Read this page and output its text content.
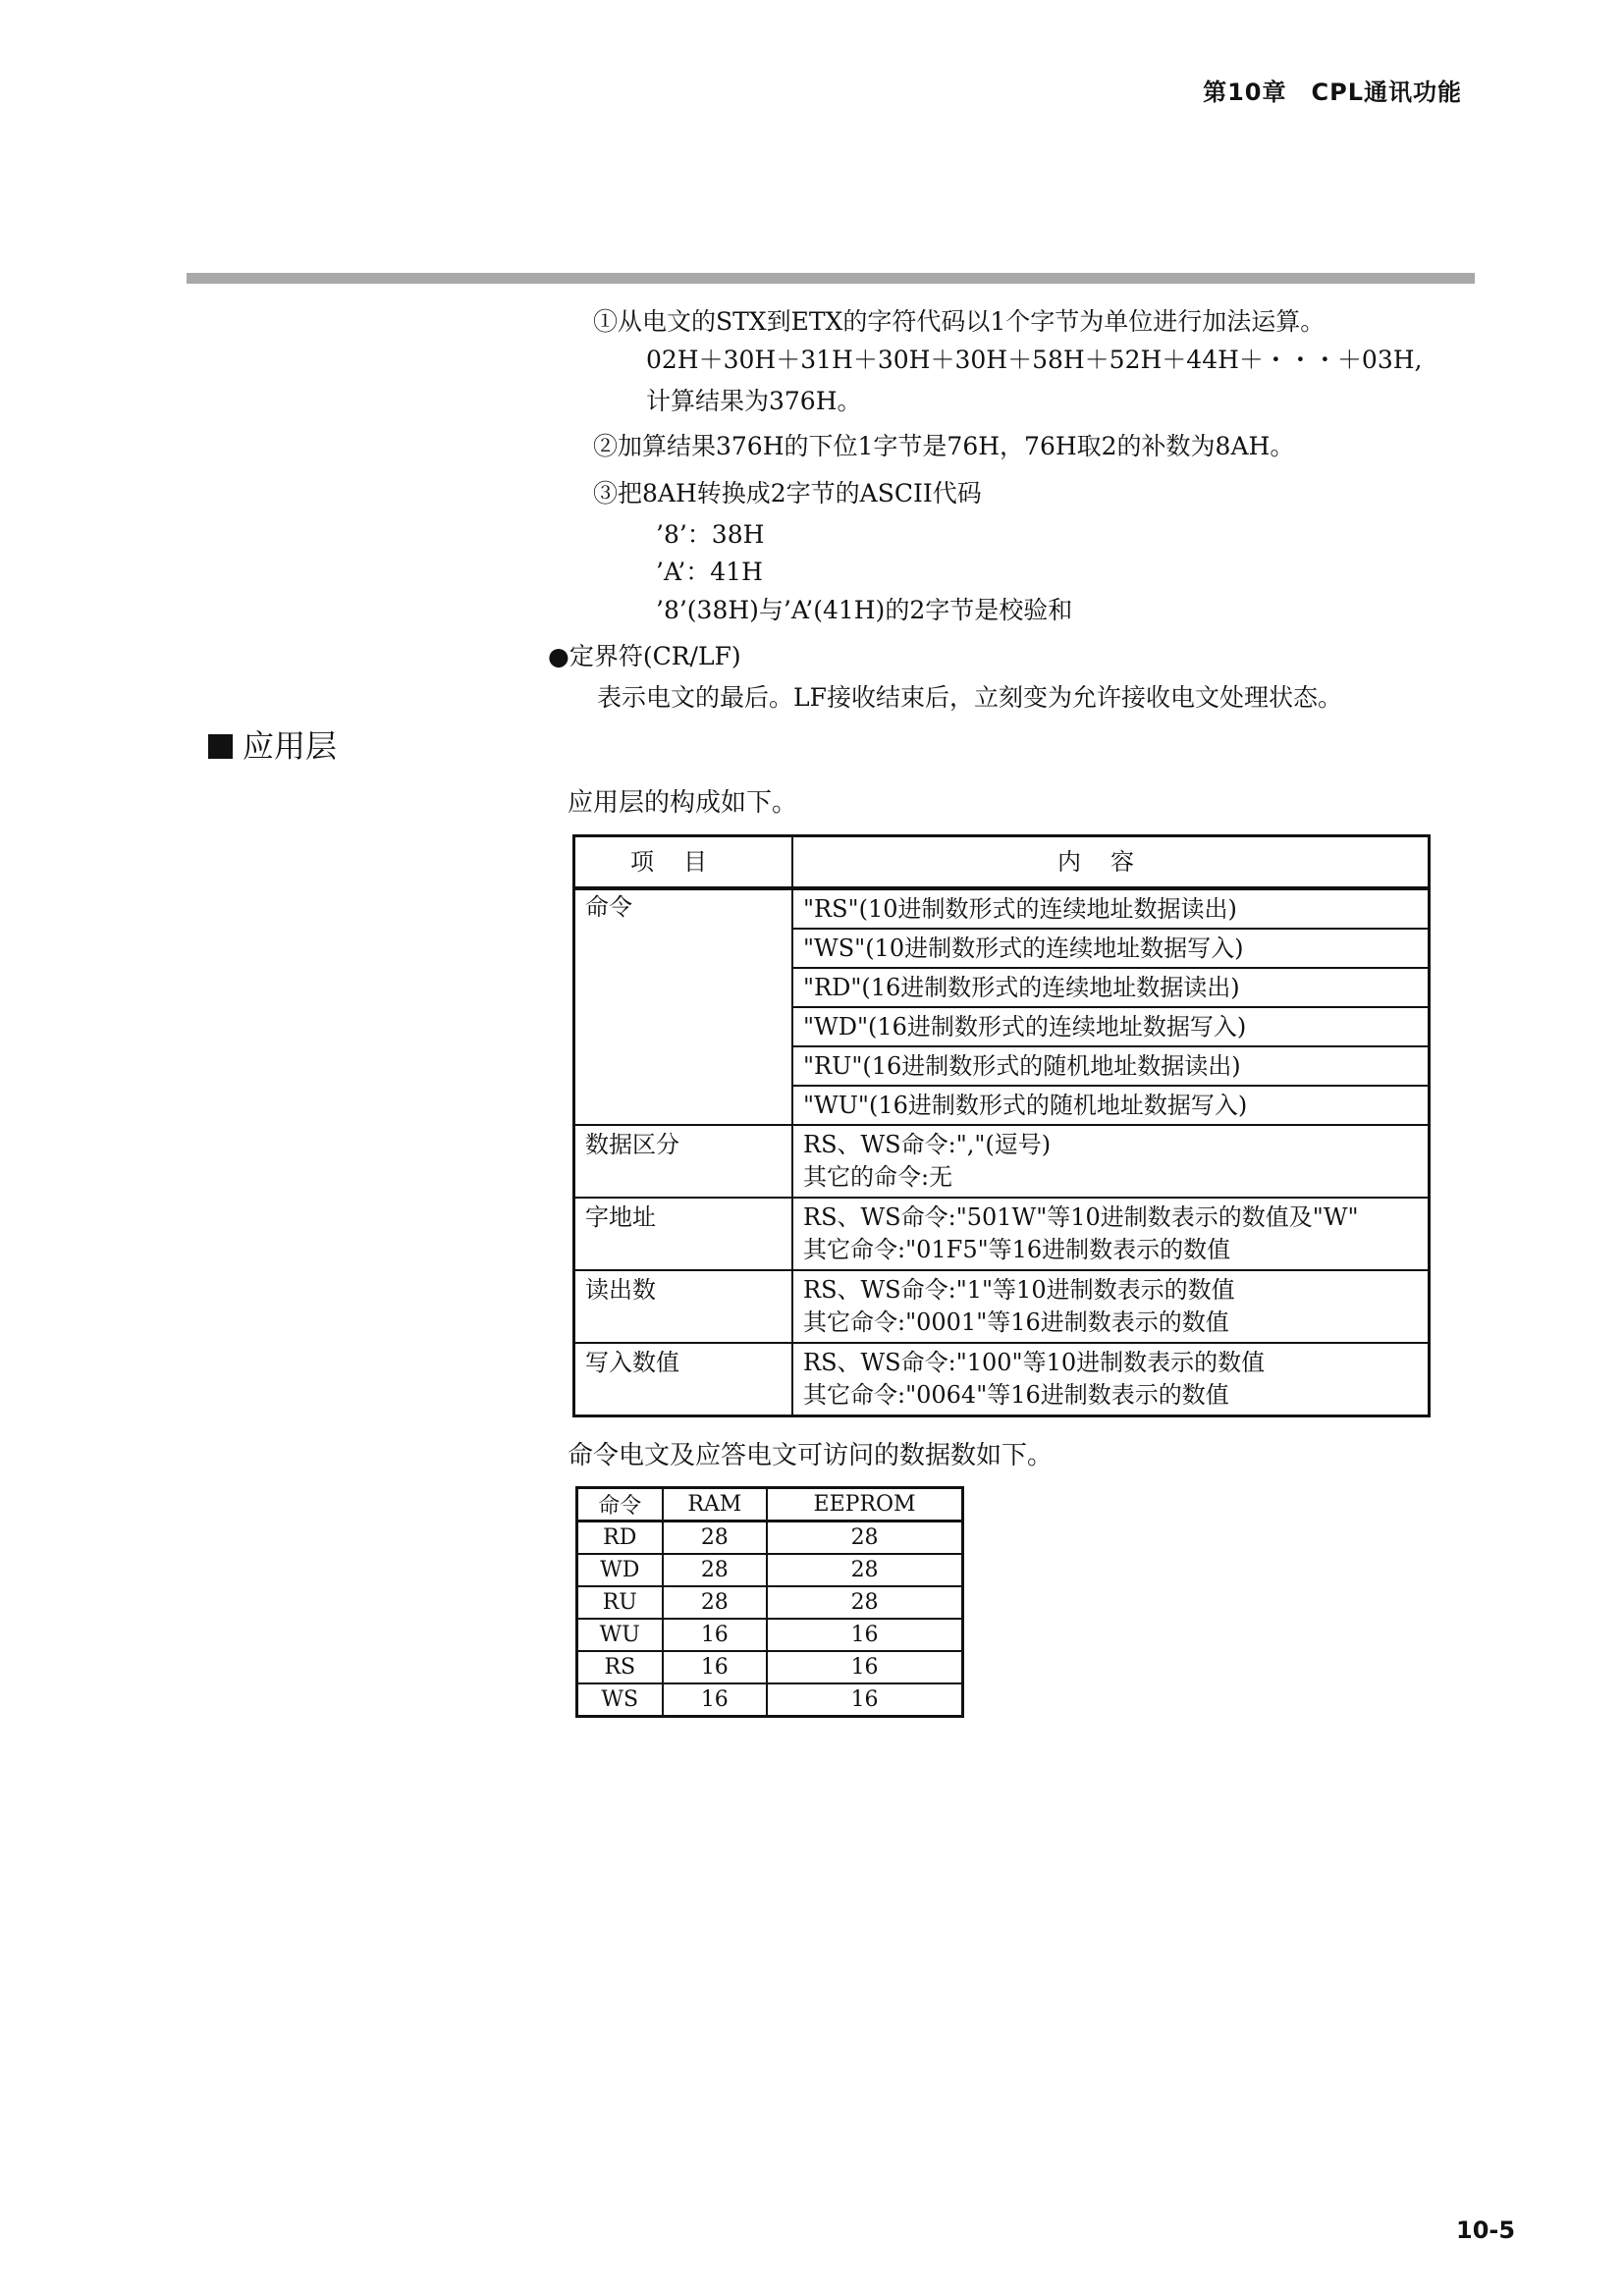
第10章　CPL通讯功能
①从电文的STX到ETX的字符代码以1个字节为单位进行加法运算。
02H＋30H＋31H＋30H＋30H＋58H＋52H＋44H＋・・・＋03H,
计算结果为376H。
②加算结果376H的下位1字节是76H，76H取2的补数为8AH。
③把8AH转换成2字节的ASCII代码
’8’：38H
’A’：41H
’8’(38H)与’A’(41H)的2字节是校验和
●定界符(CR/LF)
表示电文的最后。LF接收结束后，立刻变为允许接收电文处理状态。
应用层
应用层的构成如下。
项目	内容
命令	"RS"(10进制数形式的连续地址数据读出)
	"WS"(10进制数形式的连续地址数据写入)
	"RD"(16进制数形式的连续地址数据读出)
	"WD"(16进制数形式的连续地址数据写入)
	"RU"(16进制数形式的随机地址数据读出)
	"WU"(16进制数形式的随机地址数据写入)
数据区分	RS、WS命令:","(逗号)
其它的命令:无

字地址	RS、WS命令:"501W"等10进制数表示的数值及"W"
其它命令:"01F5"等16进制数表示的数值

读出数	RS、WS命令:"1"等10进制数表示的数值
其它命令:"0001"等16进制数表示的数值

写入数值	RS、WS命令:"100"等10进制数表示的数值
其它命令:"0064"等16进制数表示的数值
命令电文及应答电文可访问的数据数如下。
命令	RAM	EEPROM
RD	28	28
WD	28	28
RU	28	28
WU	16	16
RS	16	16
WS	16	16
10-5
